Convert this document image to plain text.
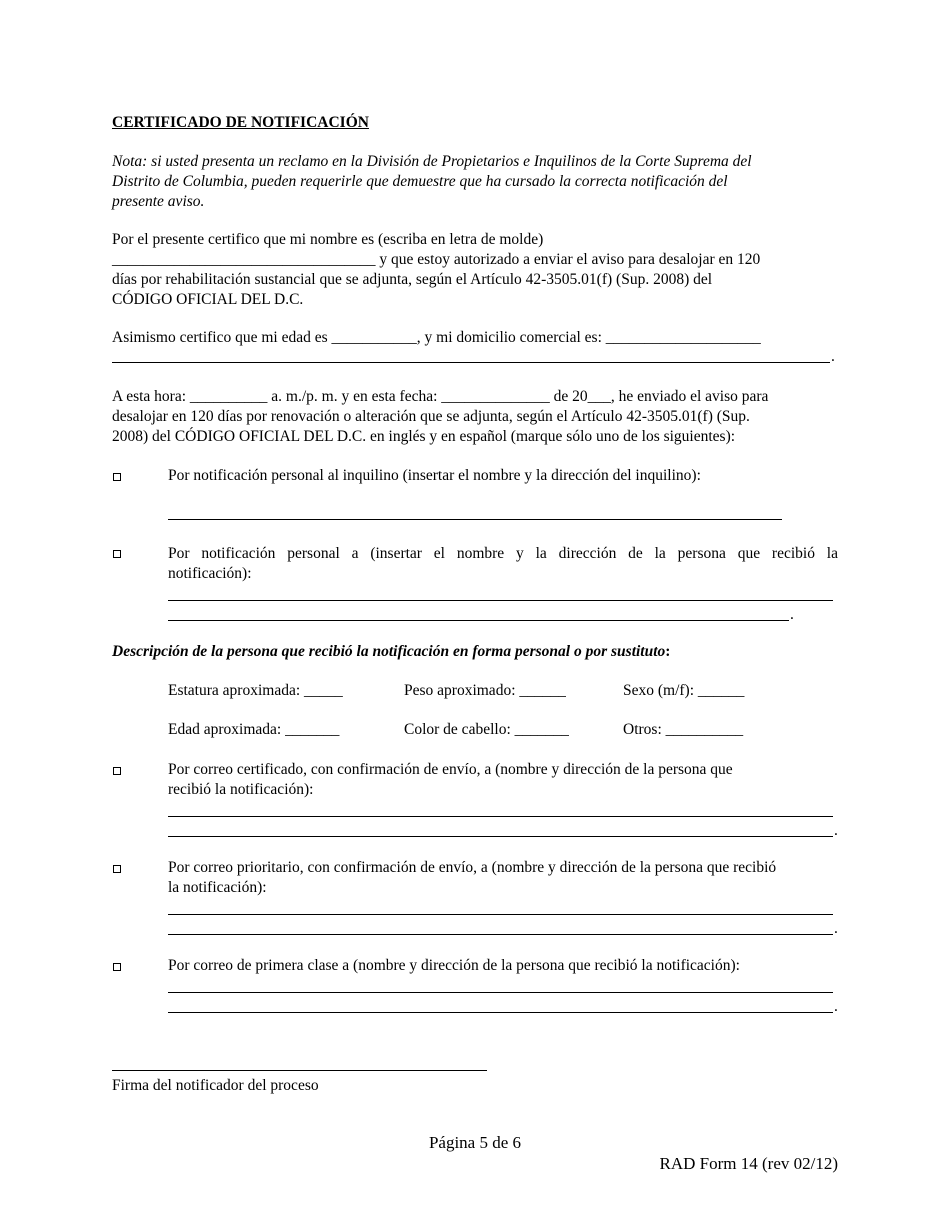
CERTIFICADO DE NOTIFICACIÓN
Nota: si usted presenta un reclamo en la División de Propietarios e Inquilinos de la Corte Suprema del
Distrito de Columbia, pueden requerirle que demuestre que ha cursado la correcta notificación del
presente aviso.
Por el presente certifico que mi nombre es (escriba en letra de molde)
__________________________________ y que estoy autorizado a enviar el aviso para desalojar en 120
días por rehabilitación sustancial que se adjunta, según el Artículo 42-3505.01(f) (Sup. 2008) del
CÓDIGO OFICIAL DEL D.C.
Asimismo certifico que mi edad es ___________, y mi domicilio comercial es: ____________________
.
A esta hora: __________ a. m./p. m. y en esta fecha: ______________ de 20___, he enviado el aviso para
desalojar en 120 días por renovación o alteración que se adjunta, según el Artículo 42-3505.01(f) (Sup.
2008) del CÓDIGO OFICIAL DEL D.C. en inglés y en español (marque sólo uno de los siguientes):
Por notificación personal al inquilino (insertar el nombre y la dirección del inquilino):
Por notificación personal a (insertar el nombre y la dirección de la persona que recibió la
notificación):
.
Descripción de la persona que recibió la notificación en forma personal o por sustituto:
Estatura aproximada: _____	Peso aproximado: ______	Sexo (m/f): ______
Edad aproximada: _______	Color de cabello: _______	Otros: __________
Por correo certificado, con confirmación de envío, a (nombre y dirección de la persona que
recibió la notificación):
.
Por correo prioritario, con confirmación de envío, a (nombre y dirección de la persona que recibió
la notificación):
.
Por correo de primera clase a (nombre y dirección de la persona que recibió la notificación):
.
Firma del notificador del proceso
Página 5 de 6
RAD Form 14 (rev 02/12)
